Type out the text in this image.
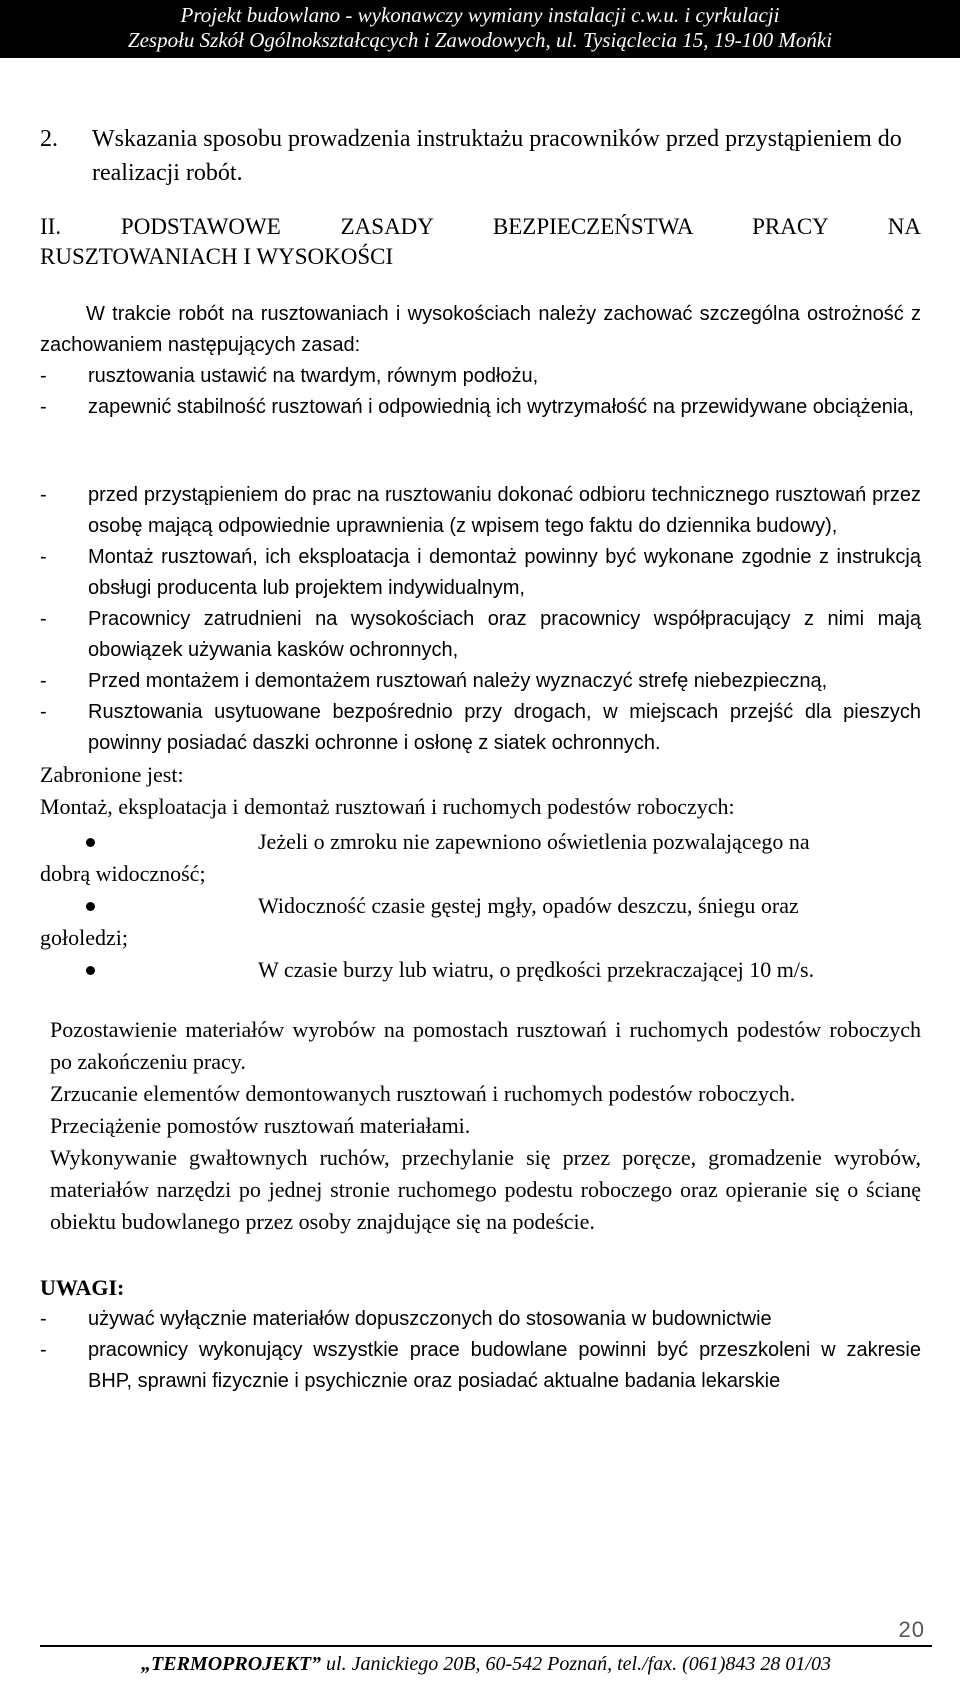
Projekt budowlano - wykonawczy wymiany instalacji c.w.u. i cyrkulacji
Zespołu Szkół Ogólnokształcących i Zawodowych, ul. Tysiąclecia 15, 19-100 Mońki
2.	Wskazania sposobu prowadzenia instruktażu pracowników przed przystąpieniem do realizacji robót.
II. PODSTAWOWE ZASADY BEZPIECZEŃSTWA PRACY NA
RUSZTOWANIACH I WYSOKOŚCI
W trakcie robót na rusztowaniach i wysokościach należy zachować szczególna ostrożność z zachowaniem następujących zasad:
-	rusztowania ustawić na twardym, równym podłożu,
-	zapewnić stabilność rusztowań i odpowiednią ich wytrzymałość na przewidywane obciążenia,
-	przed przystąpieniem do prac na rusztowaniu dokonać odbioru technicznego rusztowań przez osobę mającą odpowiednie uprawnienia (z wpisem tego faktu do dziennika budowy),
-	Montaż rusztowań, ich eksploatacja i demontaż powinny być wykonane zgodnie z instrukcją obsługi producenta lub projektem indywidualnym,
-	Pracownicy zatrudnieni na wysokościach oraz pracownicy współpracujący z nimi mają obowiązek używania kasków ochronnych,
-	Przed montażem i demontażem rusztowań należy wyznaczyć strefę niebezpieczną,
-	Rusztowania usytuowane bezpośrednio przy drogach, w miejscach przejść dla pieszych powinny posiadać daszki ochronne i osłonę z siatek ochronnych.
Zabronione jest:
Montaż, eksploatacja i demontaż rusztowań i ruchomych podestów roboczych:
Jeżeli o zmroku nie zapewniono oświetlenia pozwalającego na
dobrą widoczność;
Widoczność czasie gęstej mgły, opadów deszczu, śniegu oraz
gołoledzi;
W czasie burzy lub wiatru, o prędkości przekraczającej 10 m/s.
Pozostawienie materiałów wyrobów na pomostach rusztowań i ruchomych podestów roboczych po zakończeniu pracy.
Zrzucanie elementów demontowanych rusztowań i ruchomych podestów roboczych.
Przeciążenie pomostów rusztowań materiałami.
Wykonywanie gwałtownych ruchów, przechylanie się przez poręcze, gromadzenie wyrobów, materiałów narzędzi po jednej stronie ruchomego podestu roboczego oraz opieranie się o ścianę obiektu budowlanego przez osoby znajdujące się na podeście.
UWAGI:
-	używać wyłącznie materiałów dopuszczonych do stosowania w budownictwie
-	pracownicy wykonujący wszystkie prace budowlane powinni być przeszkoleni w zakresie BHP, sprawni fizycznie i psychicznie oraz posiadać aktualne badania lekarskie
20
„TERMOPROJEKT” ul. Janickiego 20B, 60-542 Poznań, tel./fax. (061)843 28 01/03
